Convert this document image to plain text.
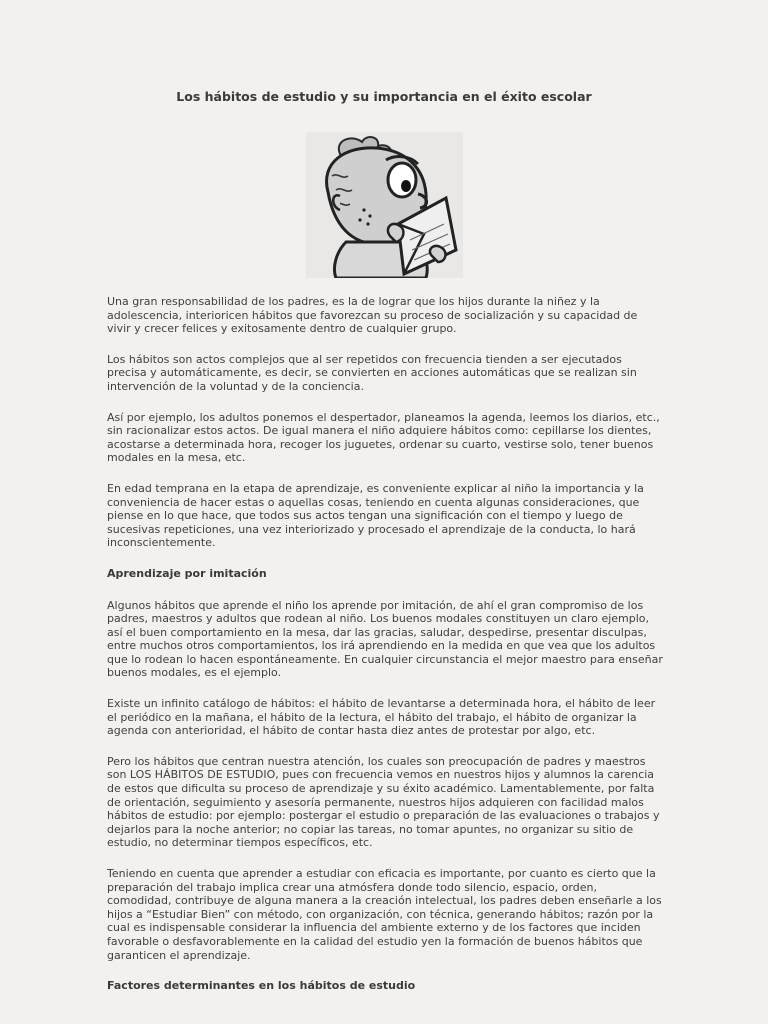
Los hábitos de estudio y su importancia en el éxito escolar

Una gran responsabilidad de los padres, es la de lograr que los hijos durante la niñez y la adolescencia, interioricen hábitos que favorezcan su proceso de socialización y su capacidad de vivir y crecer felices y exitosamente dentro de cualquier grupo.

Los hábitos son actos complejos que al ser repetidos con frecuencia tienden a ser ejecutados precisa y automáticamente, es decir, se convierten en acciones automáticas que se realizan sin intervención de la voluntad y de la conciencia.

Así por ejemplo, los adultos ponemos el despertador, planeamos la agenda, leemos los diarios, etc., sin racionalizar estos actos. De igual manera el niño adquiere hábitos como: cepillarse los dientes, acostarse a determinada hora, recoger los juguetes, ordenar su cuarto, vestirse solo, tener buenos modales en la mesa, etc.

En edad temprana en la etapa de aprendizaje, es conveniente explicar al niño la importancia y la conveniencia de hacer estas o aquellas cosas, teniendo en cuenta algunas consideraciones, que piense en lo que hace, que todos sus actos tengan una significación con el tiempo y luego de sucesivas repeticiones, una vez interiorizado y procesado el aprendizaje de la conducta, lo hará inconscientemente.

Aprendizaje por imitación

Algunos hábitos que aprende el niño los aprende por imitación, de ahí el gran compromiso de los padres, maestros y adultos que rodean al niño. Los buenos modales constituyen un claro ejemplo, así el buen comportamiento en la mesa, dar las gracias, saludar, despedirse, presentar disculpas, entre muchos otros comportamientos, los irá aprendiendo en la medida en que vea que los adultos que lo rodean lo hacen espontáneamente. En cualquier circunstancia el mejor maestro para enseñar buenos modales, es el ejemplo.

Existe un infinito catálogo de hábitos: el hábito de levantarse a determinada hora, el hábito de leer el periódico en la mañana, el hábito de la lectura, el hábito del trabajo, el hábito de organizar la agenda con anterioridad, el hábito de contar hasta diez antes de protestar por algo, etc.

Pero los hábitos que centran nuestra atención, los cuales son preocupación de padres y maestros son LOS HÁBITOS DE ESTUDIO, pues con frecuencia vemos en nuestros hijos y alumnos la carencia de estos que dificulta su proceso de aprendizaje y su éxito académico. Lamentablemente, por falta de orientación, seguimiento y asesoría permanente, nuestros hijos adquieren con facilidad malos hábitos de estudio: por ejemplo: postergar el estudio o preparación de las evaluaciones o trabajos y dejarlos para la noche anterior; no copiar las tareas, no tomar apuntes, no organizar su sitio de estudio, no determinar tiempos específicos, etc.

Teniendo en cuenta que aprender a estudiar con eficacia es importante, por cuanto es cierto que la preparación del trabajo implica crear una atmósfera donde todo silencio, espacio, orden, comodidad, contribuye de alguna manera a la creación intelectual, los padres deben enseñarle a los hijos a “Estudiar Bien” con método, con organización, con técnica, generando hábitos; razón por la cual es indispensable considerar la influencia del ambiente externo y de los factores que inciden favorable o desfavorablemente en la calidad del estudio yen la formación de buenos hábitos que garanticen el aprendizaje.

Factores determinantes en los hábitos de estudio
